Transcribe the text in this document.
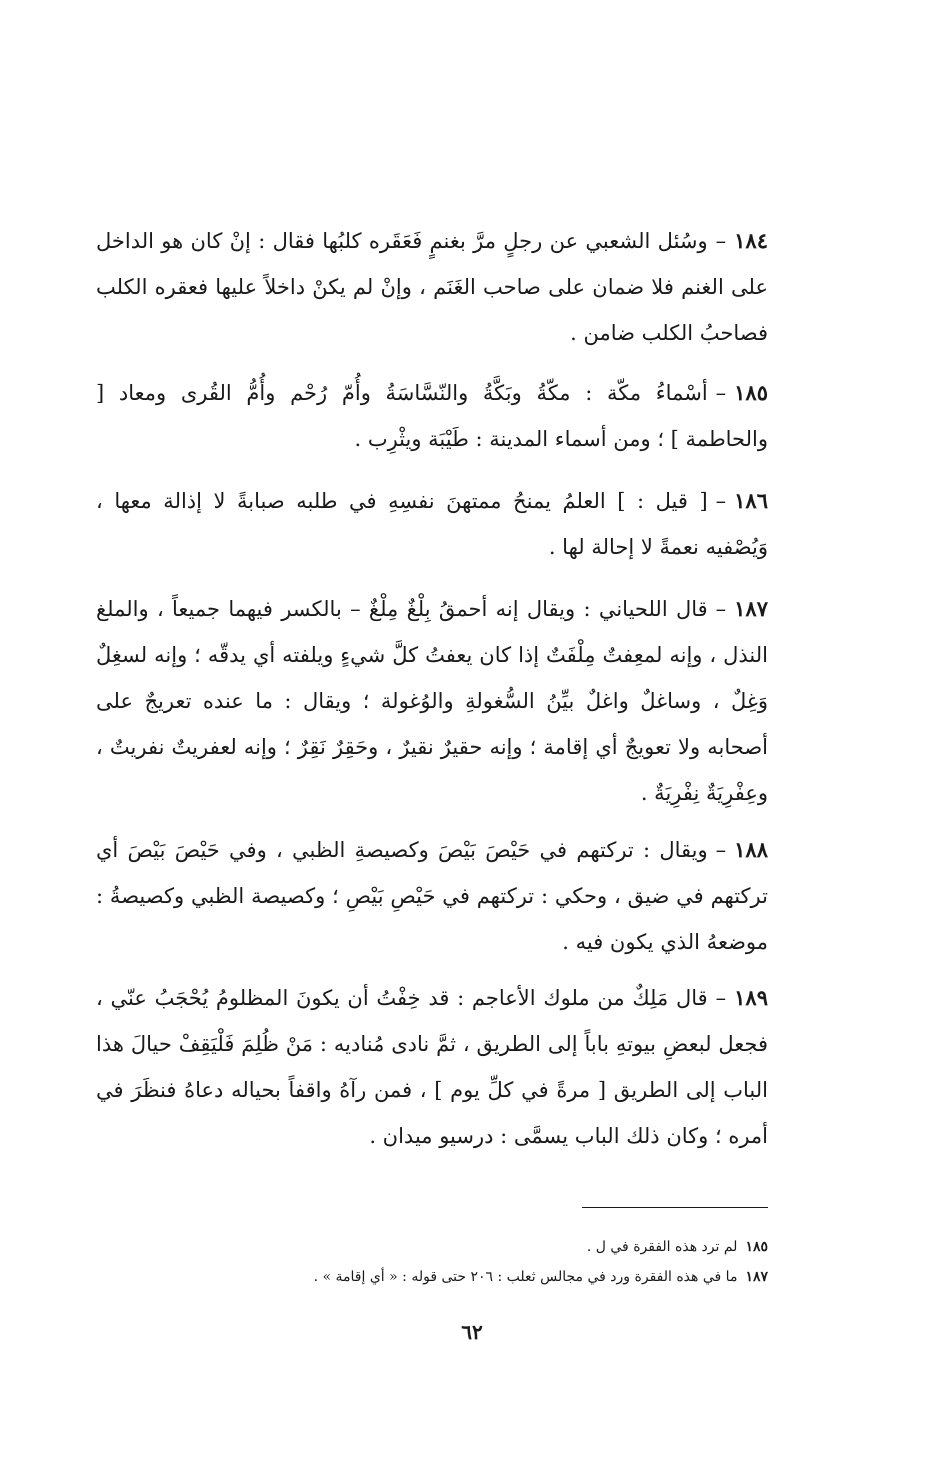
١٨٤–وسُئل الشعبي عن رجلٍ مرَّ بغنمٍ فَعَقَره كلبُها فقال : إنْ كان هو الداخل على الغنم فلا ضمان على صاحب الغَنَم ، وإنْ لم يكنْ داخلاً عليها فعقره الكلب فصاحبُ الكلب ضامن .

١٨٥–أسْماءُ مكّة : مكّةُ وبَكَّةُ والنّسَّاسَةُ وأُمّ رُحْم وأُمُّ القُرى ومعاد [ والحاطمة ] ؛ ومن أسماء المدينة : طَيْبَة ويثْرِب .

١٨٦–[ قيل : ] العلمُ يمنحُ ممتهنَ نفسِهِ في طلبه صبابةً لا إذالة معها ، وَيُصْفيه نعمةً لا إحالة لها .

١٨٧–قال اللحياني : ويقال إنه أحمقُ بِلْغٌ مِلْغٌ – بالكسر فيهما جميعاً ، والملغ النذل ، وإنه لمعِفتٌ مِلْفَتٌ إذا كان يعفتُ كلَّ شيءٍ ويلفته أي يدقّه ؛ وإنه لسغِلٌ وَغِلٌ ، وساغلٌ واغلٌ بيِّنُ السُّغولةِ والوُغولة ؛ ويقال : ما عنده تعريجٌ على أصحابه ولا تعويجٌ أي إقامة ؛ وإنه حقيرٌ نقيرٌ ، وحَقِرٌ نَقِرٌ ؛ وإنه لعفريتٌ نفريتٌ ، وعِفْرِيَةٌ نِفْرِيَةٌ .

١٨٨–ويقال : تركتهم في حَيْصَ بَيْصَ وكصيصةِ الظبي ، وفي حَيْصَ بَيْصَ أي تركتهم في ضيق ، وحكي : تركتهم في حَيْصِ بَيْصِ ؛ وكصيصة الظبي وكصيصةُ : موضعهُ الذي يكون فيه .

١٨٩–قال مَلِكٌ من ملوك الأعاجم : قد خِفْتُ أن يكونَ المظلومُ يُحْجَبُ عنّي ، فجعل لبعضِ بيوتهِ باباً إلى الطريق ، ثمَّ نادى مُناديه : مَنْ ظُلِمَ فَلْيَقِفْ حيالَ هذا الباب إلى الطريق [ مرةً في كلِّ يوم ] ، فمن رآهُ واقفاً بحياله دعاهُ فنظَرَ في أمره ؛ وكان ذلك الباب يسمَّى : درسيو ميدان .

١٨٥لم ترد هذه الفقرة في ل .
١٨٧ما في هذه الفقرة ورد في مجالس ثعلب : ٢٠٦ حتى قوله : « أي إقامة » .
٦٢
